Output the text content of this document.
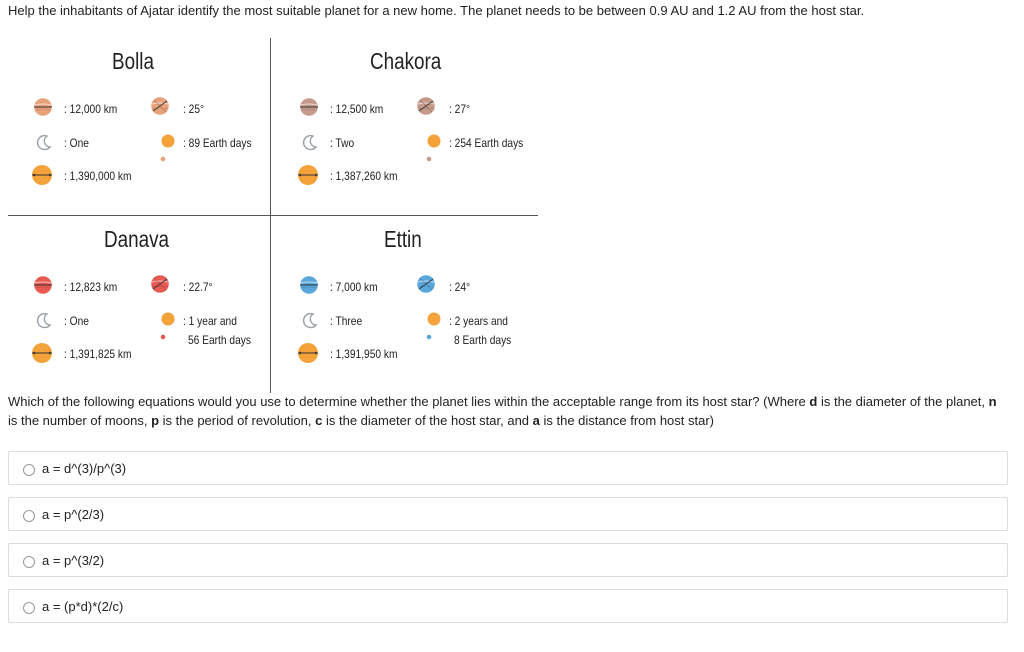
Help the inhabitants of Ajatar identify the most suitable planet for a new home. The planet needs to be between 0.9 AU and 1.2 AU from the host star.
Bolla
: 12,000 km
: One
: 1,390,000 km
: 25°
: 89 Earth days
Chakora
: 12,500 km
: Two
: 1,387,260 km
: 27°
: 254 Earth days
Danava
: 12,823 km
: One
: 1,391,825 km
: 22.7°
: 1 year and
56 Earth days
Ettin
: 7,000 km
: Three
: 1,391,950 km
: 24°
: 2 years and
8 Earth days
Which of the following equations would you use to determine whether the planet lies within the acceptable range from its host star? (Where d is the diameter of the planet, n is the number of moons, p is the period of revolution, c is the diameter of the host star, and a is the distance from host star)
a = d^(3)/p^(3)
a = p^(2/3)
a = p^(3/2)
a = (p*d)*(2/c)
